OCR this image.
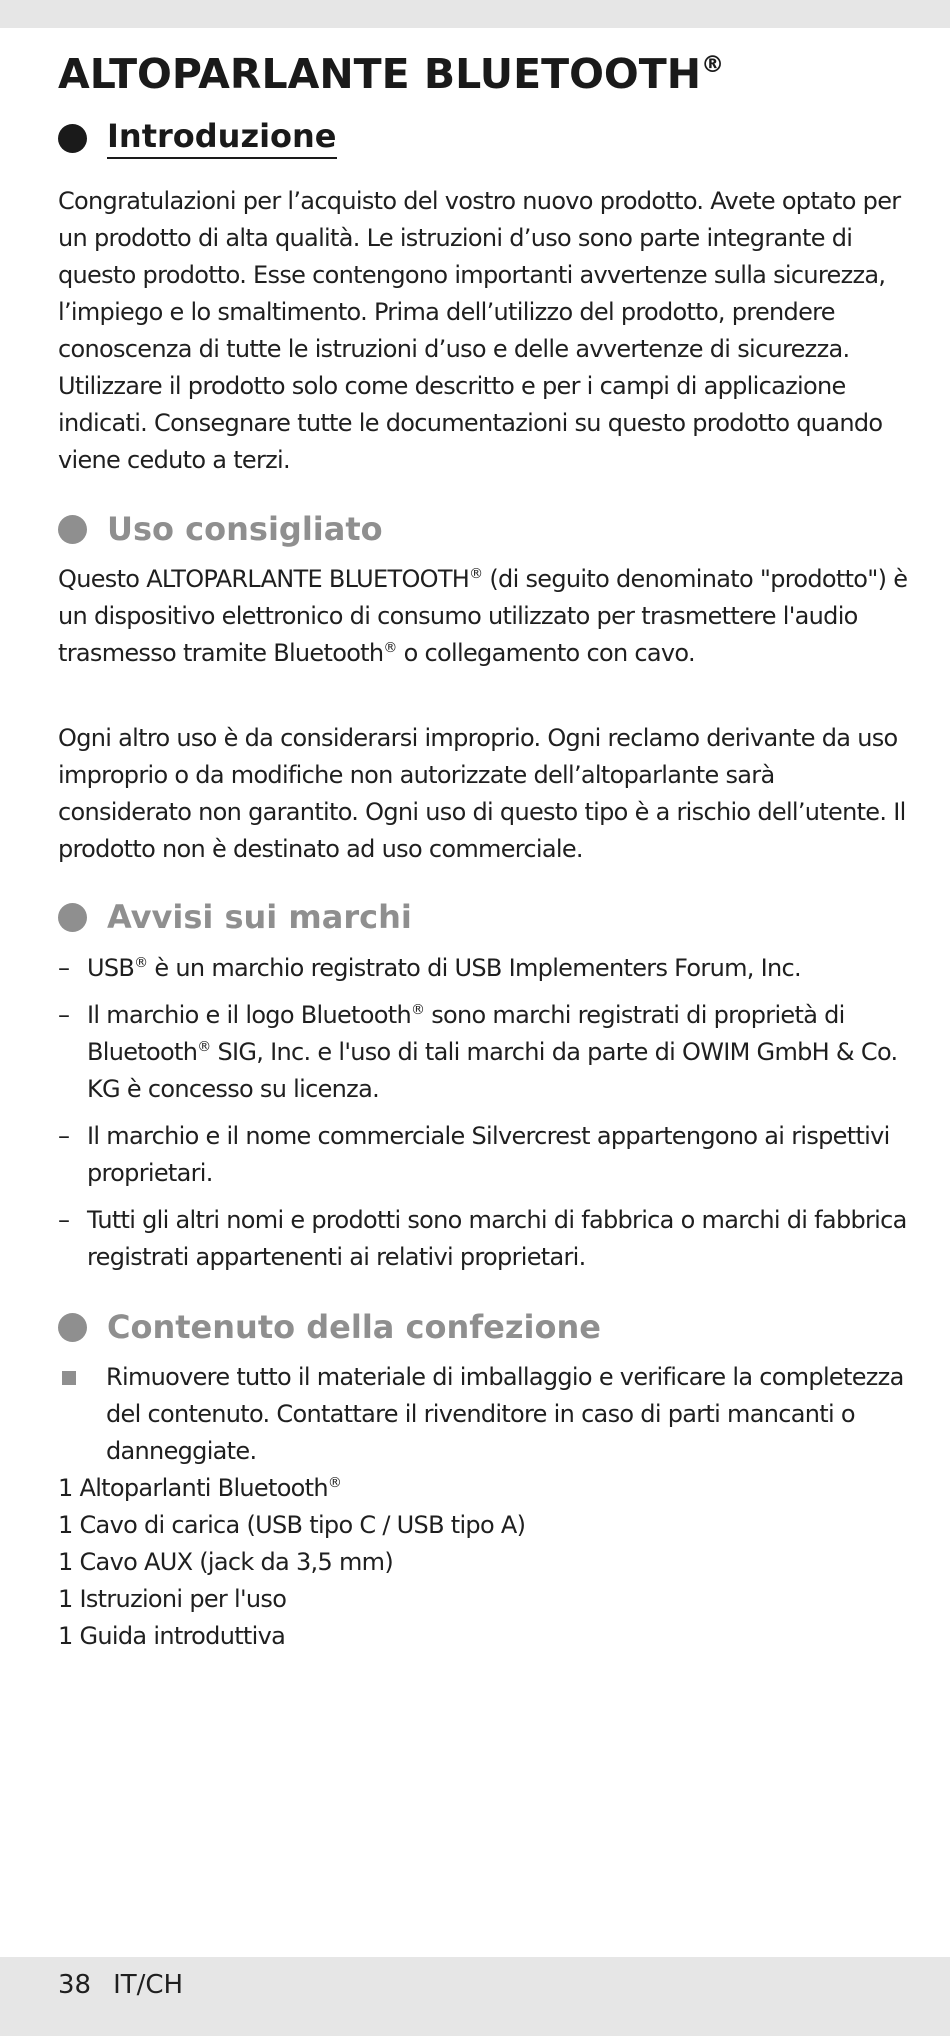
ALTOPARLANTE BLUETOOTH®
Introduzione

Congratulazioni per l’acquisto del vostro nuovo prodotto. Avete optato per un prodotto di alta qualità. Le istruzioni d’uso sono parte integrante di questo prodotto. Esse contengono importanti avvertenze sulla sicurezza, l’impiego e lo smaltimento. Prima dell’utilizzo del prodotto, prendere conoscenza di tutte le istruzioni d’uso e delle avvertenze di sicurezza. Utilizzare il prodotto solo come descritto e per i campi di applicazione indicati. Consegnare tutte le documentazioni su questo prodotto quando viene ceduto a terzi.

Uso consigliato

Questo ALTOPARLANTE BLUETOOTH® (di seguito denominato "prodotto") è un dispositivo elettronico di consumo utilizzato per trasmettere l'audio trasmesso tramite Bluetooth® o collegamento con cavo.

Ogni altro uso è da considerarsi improprio. Ogni reclamo derivante da uso improprio o da modifiche non autorizzate dell’altoparlante sarà considerato non garantito. Ogni uso di questo tipo è a rischio dell’utente. Il prodotto non è destinato ad uso commerciale.

Avvisi sui marchi
– USB® è un marchio registrato di USB Implementers Forum, Inc.
– Il marchio e il logo Bluetooth® sono marchi registrati di proprietà di Bluetooth® SIG, Inc. e l'uso di tali marchi da parte di OWIM GmbH & Co. KG è concesso su licenza.
– Il marchio e il nome commerciale Silvercrest appartengono ai rispettivi proprietari.
– Tutti gli altri nomi e prodotti sono marchi di fabbrica o marchi di fabbrica registrati appartenenti ai relativi proprietari.
Contenuto della confezione
Rimuovere tutto il materiale di imballaggio e verificare la completezza del contenuto. Contattare il rivenditore in caso di parti mancanti o danneggiate.
1 Altoparlanti Bluetooth®
1 Cavo di carica (USB tipo C / USB tipo A)
1 Cavo AUX (jack da 3,5 mm)
1 Istruzioni per l'uso
1 Guida introduttiva
38 IT/CH
